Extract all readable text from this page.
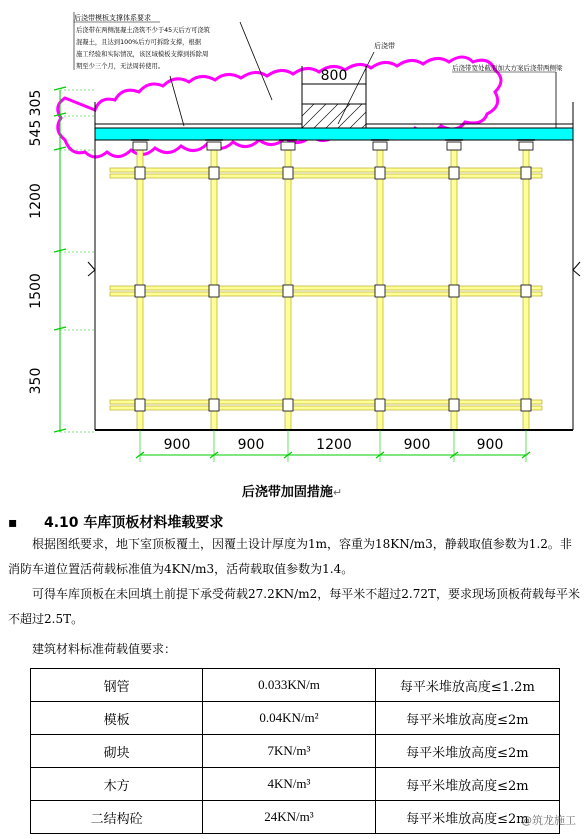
800
后浇带模板支撑体系要求
后浇带在两侧混凝土浇筑不少于45天后方可浇筑
混凝土，且达到100%后方可拆除支撑，根据
施工经验和实际情况，该区域模板支撑到拆除周
期至少三个月，无法周转使用。
后浇带
后浇带宽处截面加大方案后浇带两侧梁
305
545
1200
1500
350
900	900	1200	900	900
后浇带加固措施↵
▪ 4.10 车库顶板材料堆载要求
根据图纸要求，地下室顶板覆土，因覆土设计厚度为1m，容重为18KN/m3，静载取值参数为1.2。非消防车道位置活荷载标准值为4KN/m3，活荷载取值参数为1.4。
可得车库顶板在未回填土前提下承受荷载27.2KN/m2，每平米不超过2.72T，要求现场顶板荷载每平米不超过2.5T。
建筑材料标准荷载值要求：
钢管	0.033KN/m	每平米堆放高度≤1.2m
模板	0.04KN/m²	每平米堆放高度≤2m
砌块	7KN/m³	每平米堆放高度≤2m
木方	4KN/m³	每平米堆放高度≤2m
二结构砼	24KN/m³	每平米堆放高度≤2m
@筑龙施工
